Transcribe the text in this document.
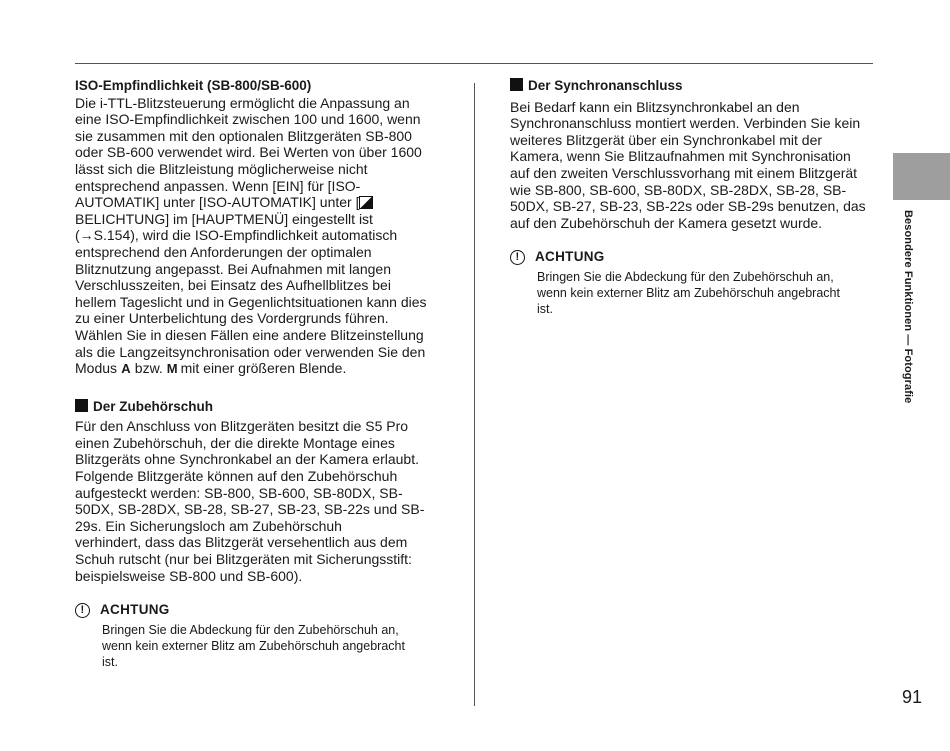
ISO-Empfindlichkeit (SB-800/SB-600)

Die i-TTL-Blitzsteuerung ermöglicht die Anpassung an
eine ISO-Empfindlichkeit zwischen 100 und 1600, wenn
sie zusammen mit den optionalen Blitzgeräten SB-800
oder SB-600 verwendet wird. Bei Werten von über 1600
lässt sich die Blitzleistung möglicherweise nicht
entsprechend anpassen. Wenn [EIN] für [ISO-
AUTOMATIK] unter [ISO-AUTOMATIK] unter [
BELICHTUNG] im [HAUPTMENÜ] eingestellt ist
(→S.154), wird die ISO-Empfindlichkeit automatisch
entsprechend den Anforderungen der optimalen
Blitznutzung angepasst. Bei Aufnahmen mit langen
Verschlusszeiten, bei Einsatz des Aufhellblitzes bei
hellem Tageslicht und in Gegenlichtsituationen kann dies
zu einer Unterbelichtung des Vordergrunds führen.
Wählen Sie in diesen Fällen eine andere Blitzeinstellung
als die Langzeitsynchronisation oder verwenden Sie den
Modus A bzw. M mit einer größeren Blende.

Der Zubehörschuh

Für den Anschluss von Blitzgeräten besitzt die S5 Pro
einen Zubehörschuh, der die direkte Montage eines
Blitzgeräts ohne Synchronkabel an der Kamera erlaubt.
Folgende Blitzgeräte können auf den Zubehörschuh
aufgesteckt werden: SB-800, SB-600, SB-80DX, SB-
50DX, SB-28DX, SB-28, SB-27, SB-23, SB-22s und SB-
29s. Ein Sicherungsloch am Zubehörschuh
verhindert, dass das Blitzgerät versehentlich aus dem
Schuh rutscht (nur bei Blitzgeräten mit Sicherungsstift:
beispielsweise SB-800 und SB-600).
!	ACHTUNG
Bringen Sie die Abdeckung für den Zubehörschuh an,
wenn kein externer Blitz am Zubehörschuh angebracht
ist.

Der Synchronanschluss

Bei Bedarf kann ein Blitzsynchronkabel an den
Synchronanschluss montiert werden. Verbinden Sie kein
weiteres Blitzgerät über ein Synchronkabel mit der
Kamera, wenn Sie Blitzaufnahmen mit Synchronisation
auf den zweiten Verschlussvorhang mit einem Blitzgerät
wie SB-800, SB-600, SB-80DX, SB-28DX, SB-28, SB-
50DX, SB-27, SB-23, SB-22s oder SB-29s benutzen, das
auf den Zubehörschuh der Kamera gesetzt wurde.
!	ACHTUNG
Bringen Sie die Abdeckung für den Zubehörschuh an,
wenn kein externer Blitz am Zubehörschuh angebracht
ist.	Besondere Funktionen — Fotografie
91
